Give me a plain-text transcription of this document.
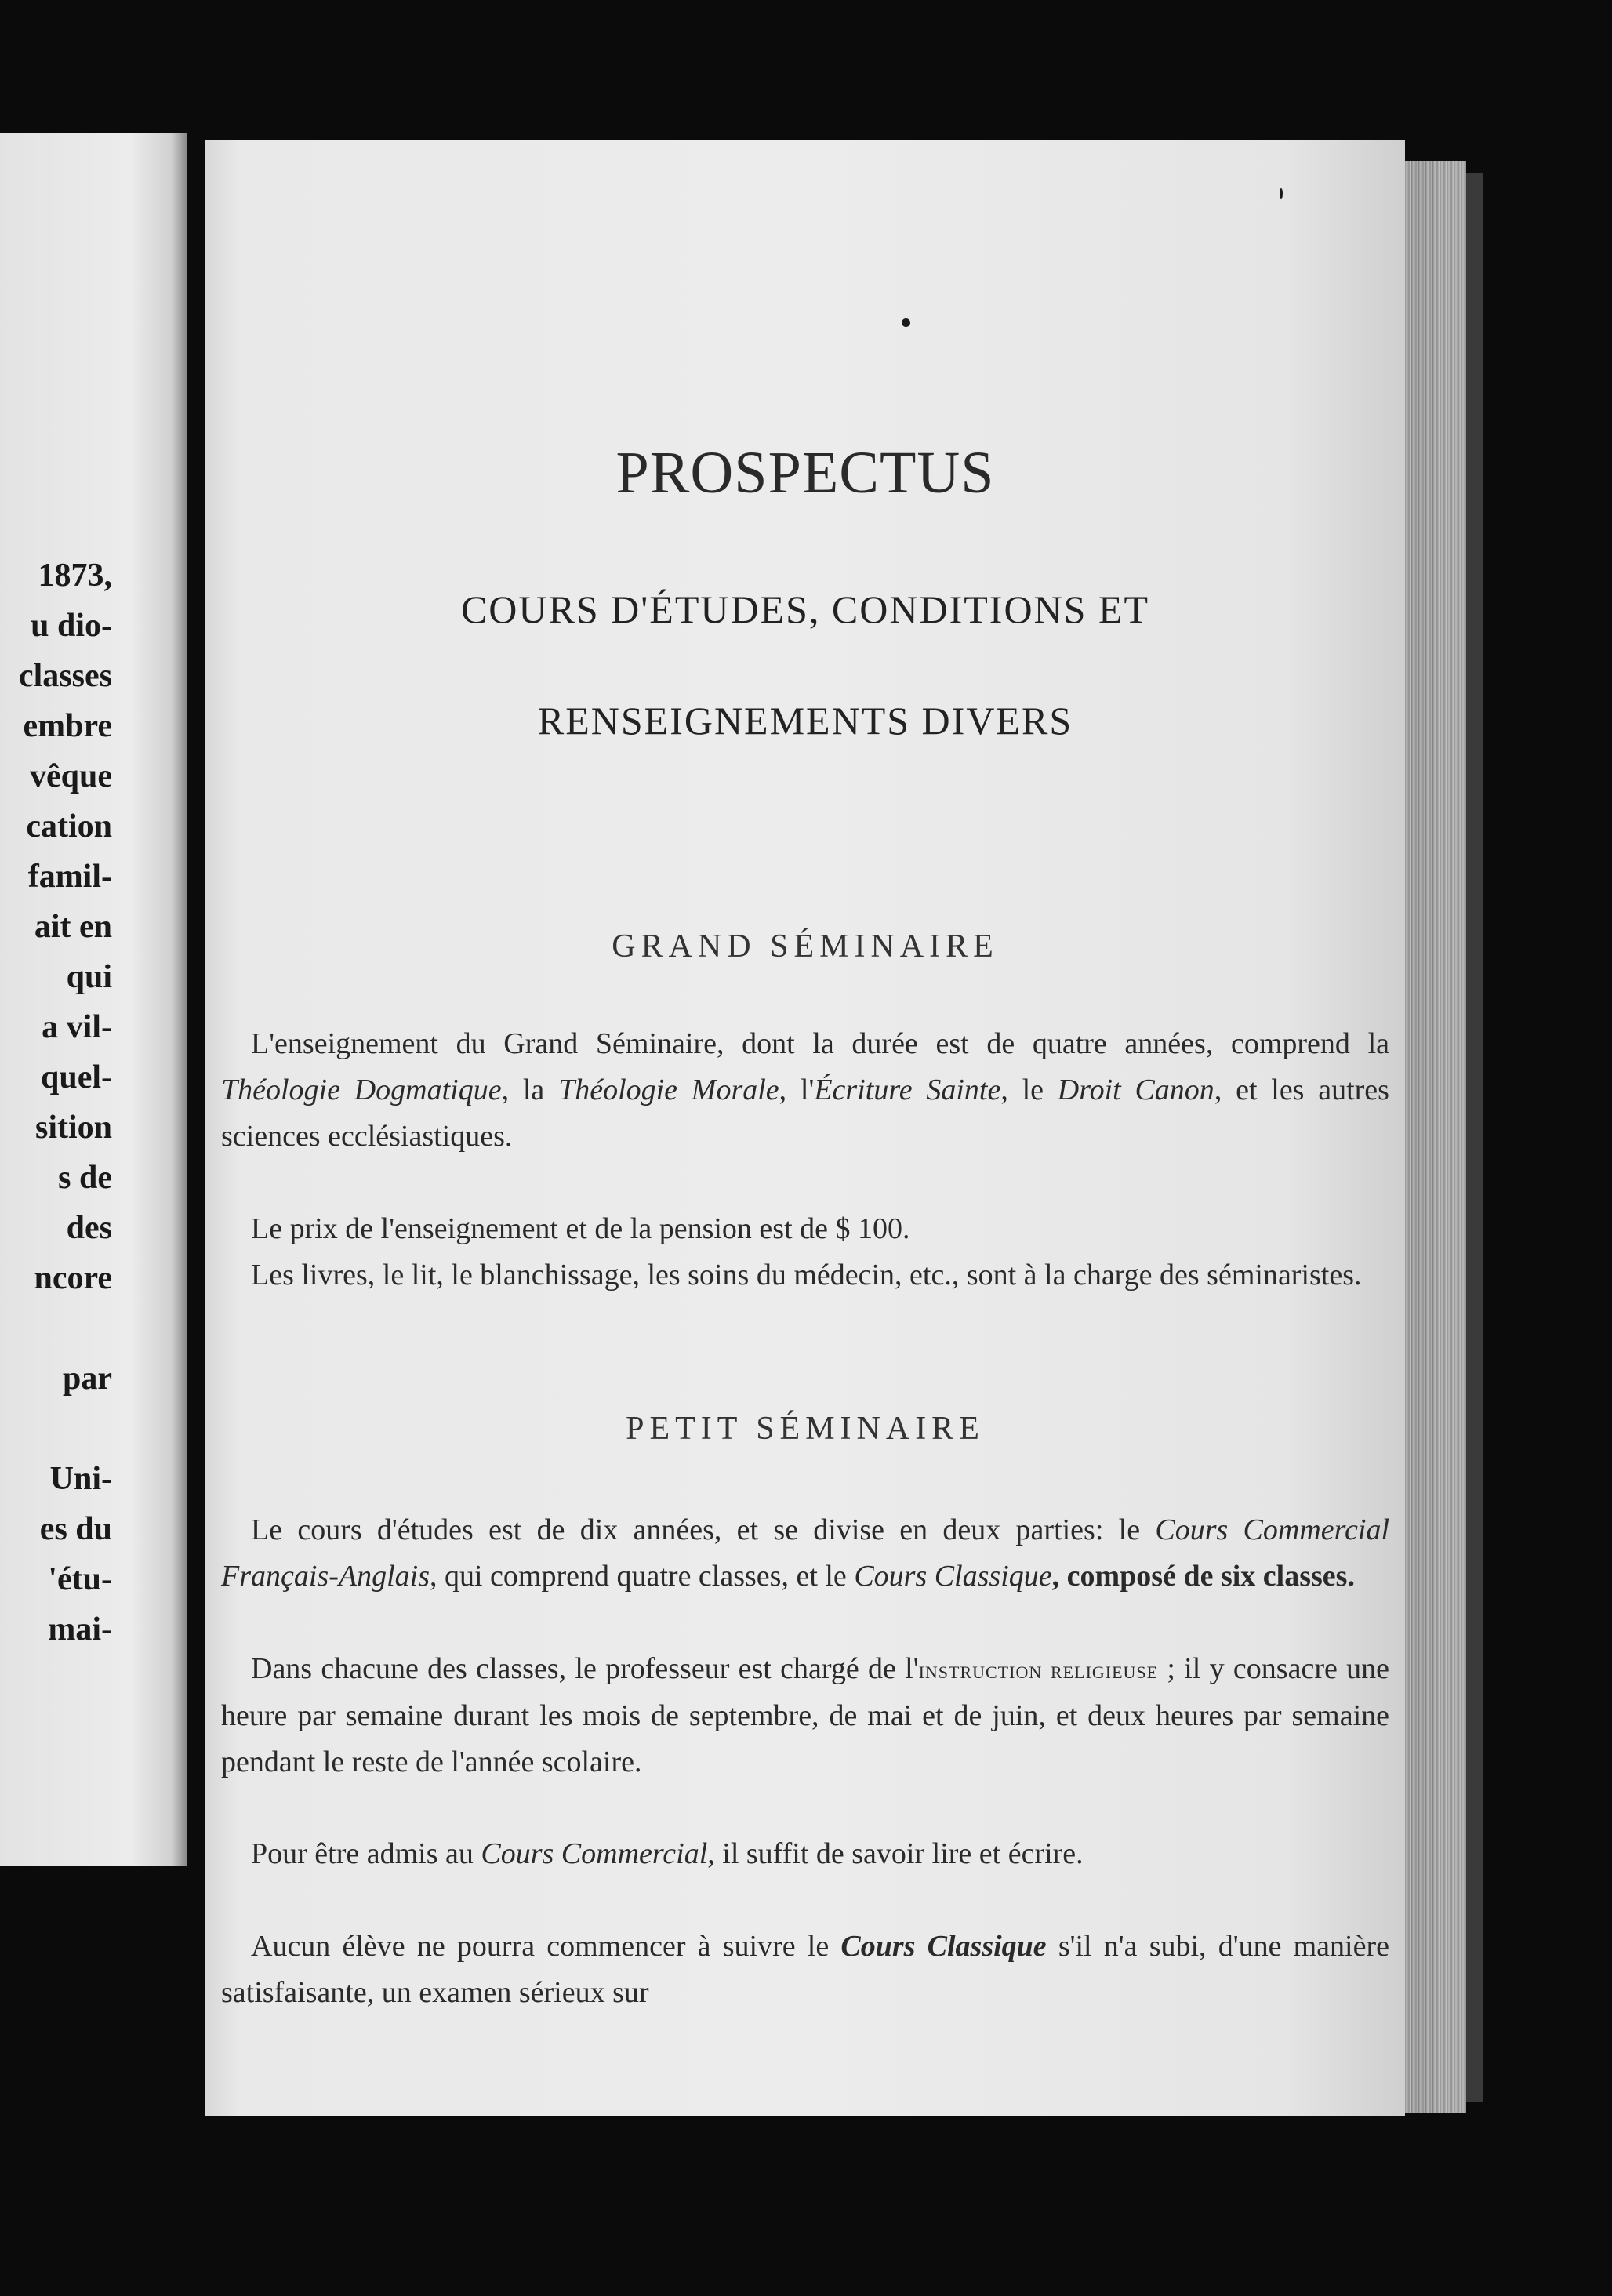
1873,
u dio-
classes
embre
vêque
cation
famil-
ait en
qui
a vil-
quel-
sition
s de
des
ncore
par
Uni-
es du
'étu-
mai-
PROSPECTUS
COURS D'ÉTUDES, CONDITIONS ET
RENSEIGNEMENTS DIVERS
GRAND SÉMINAIRE
L'enseignement du Grand Séminaire, dont la durée est de quatre années, comprend la Théologie Dogmatique, la Théologie Morale, l'Écriture Sainte, le Droit Canon, et les autres sciences ecclésiastiques.
Le prix de l'enseignement et de la pension est de $ 100.
Les livres, le lit, le blanchissage, les soins du médecin, etc., sont à la charge des séminaristes.
PETIT SÉMINAIRE
Le cours d'études est de dix années, et se divise en deux parties: le Cours Commercial Français-Anglais, qui comprend quatre classes, et le Cours Classique, composé de six classes.
Dans chacune des classes, le professeur est chargé de l'instruction religieuse ; il y consacre une heure par semaine durant les mois de septembre, de mai et de juin, et deux heures par semaine pendant le reste de l'année scolaire.
Pour être admis au Cours Commercial, il suffit de savoir lire et écrire.
Aucun élève ne pourra commencer à suivre le Cours Classique s'il n'a subi, d'une manière satisfaisante, un examen sérieux sur
